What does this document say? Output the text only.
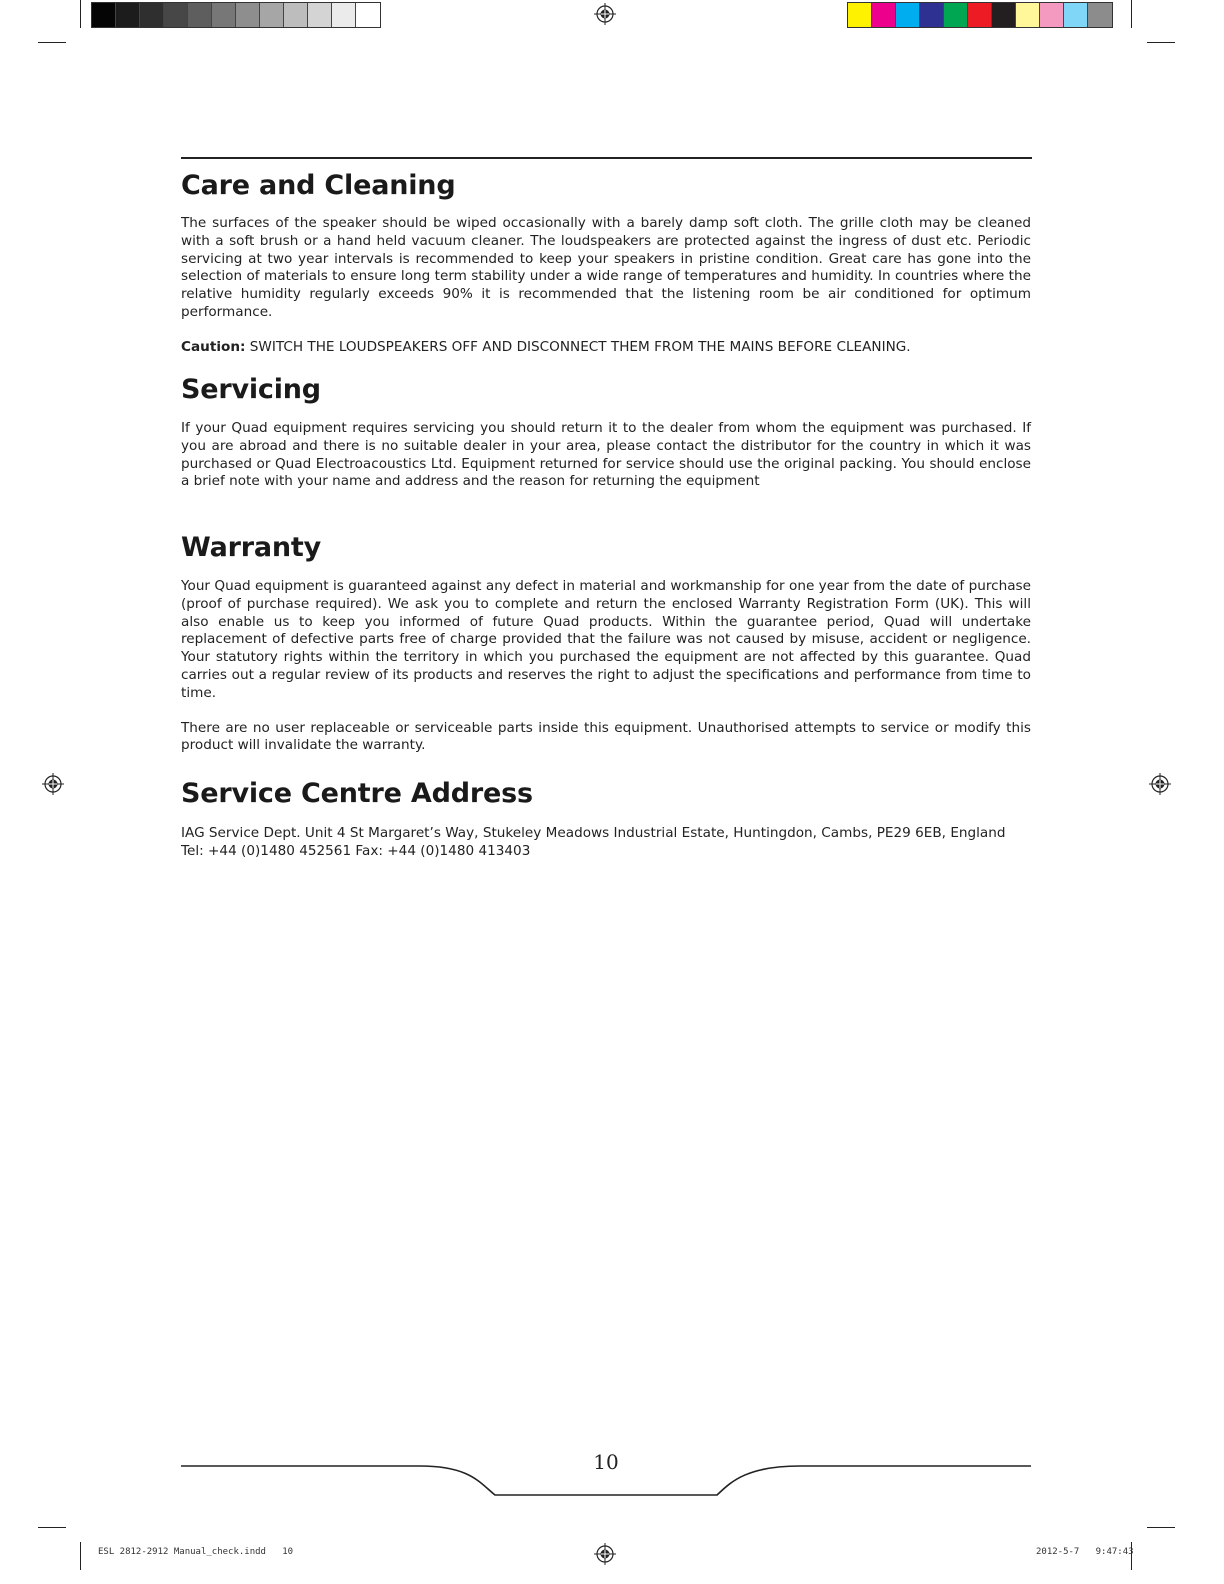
Care and Cleaning

The surfaces of the speaker should be wiped occasionally with a barely damp soft cloth. The grille cloth may be cleaned with a soft brush or a hand held vacuum cleaner. The loudspeakers are protected against the ingress of dust etc. Periodic servicing at two year intervals is recommended to keep your speakers in pristine condition. Great care has gone into the selection of materials to ensure long term stability under a wide range of temperatures and humidity. In countries where the relative humidity regularly exceeds 90% it is recommended that the listening room be air conditioned for optimum performance.

Caution: SWITCH THE LOUDSPEAKERS OFF AND DISCONNECT THEM FROM THE MAINS BEFORE CLEANING.

Servicing

If your Quad equipment requires servicing you should return it to the dealer from whom the equipment was purchased. If you are abroad and there is no suitable dealer in your area, please contact the distributor for the country in which it was purchased or Quad Electroacoustics Ltd. Equipment returned for service should use the original packing. You should enclose a brief note with your name and address and the reason for returning the equipment

Warranty

Your Quad equipment is guaranteed against any defect in material and workmanship for one year from the date of purchase (proof of purchase required). We ask you to complete and return the enclosed Warranty Registration Form (UK). This will also enable us to keep you informed of future Quad products. Within the guarantee period, Quad will undertake replacement of defective parts free of charge provided that the failure was not caused by misuse, accident or negligence. Your statutory rights within the territory in which you purchased the equipment are not affected by this guarantee. Quad carries out a regular review of its products and reserves the right to adjust the specifications and performance from time to time.

There are no user replaceable or serviceable parts inside this equipment. Unauthorised attempts to service or modify this product will invalidate the warranty.

Service Centre Address

IAG Service Dept. Unit 4 St Margaret’s Way, Stukeley Meadows Industrial Estate, Huntingdon, Cambs, PE29 6EB, England

Tel: +44 (0)1480 452561 Fax: +44 (0)1480 413403

10
ESL 2812-2912 Manual_check.indd   10	2012-5-7   9:47:43
